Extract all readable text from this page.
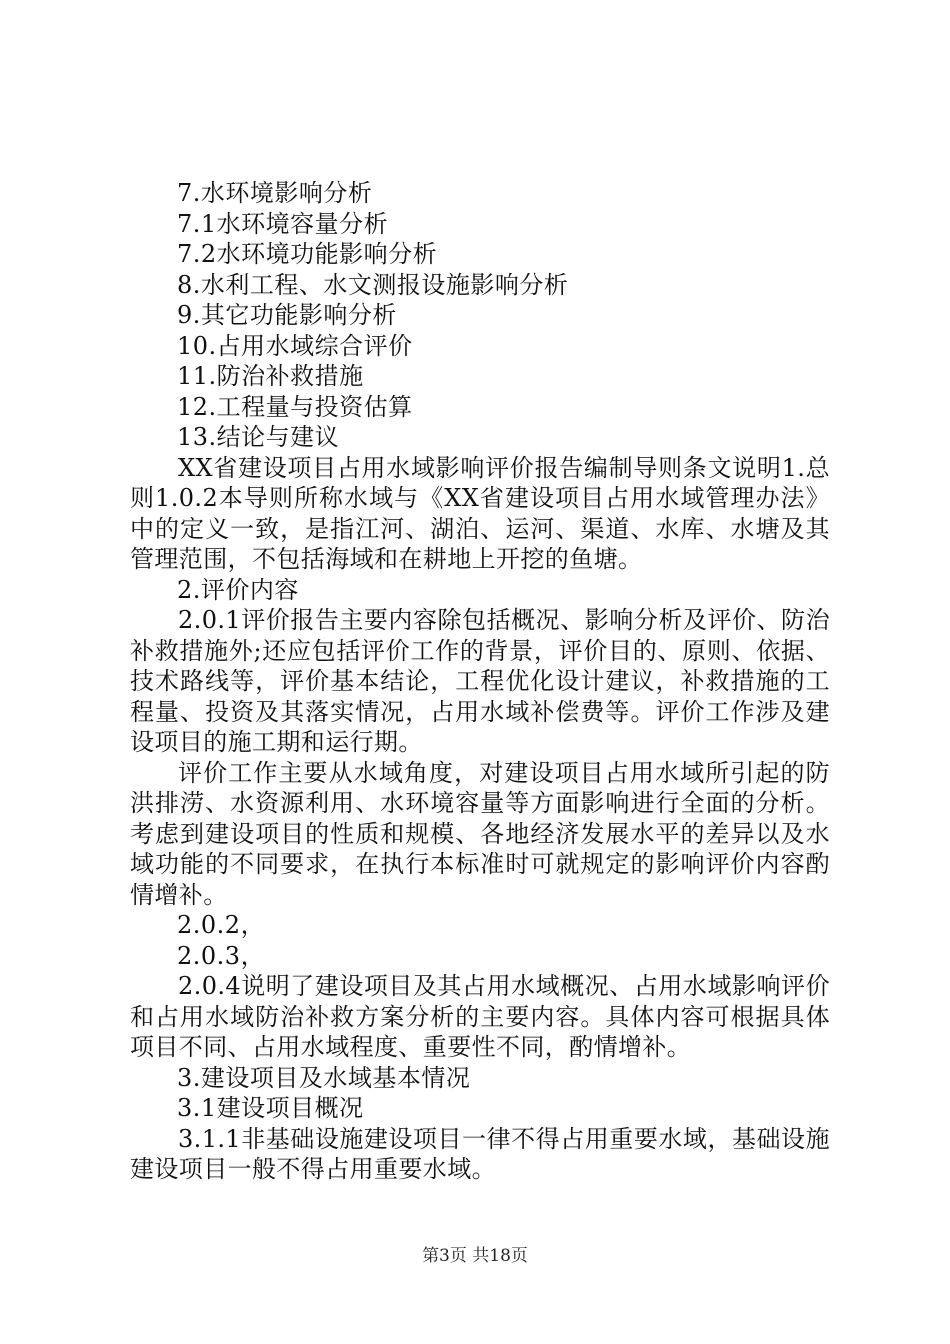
7.水环境影响分析
7.1水环境容量分析
7.2水环境功能影响分析
8.水利工程、水文测报设施影响分析
9.其它功能影响分析
10.占用水域综合评价
11.防治补救措施
12.工程量与投资估算
13.结论与建议

XX省建设项目占用水域影响评价报告编制导则条文说明1.总则1.0.2本导则所称水域与《XX省建设项目占用水域管理办法》中的定义一致，是指江河、湖泊、运河、渠道、水库、水塘及其管理范围，不包括海域和在耕地上开挖的鱼塘。

2.评价内容

2.0.1评价报告主要内容除包括概况、影响分析及评价、防治补救措施外;还应包括评价工作的背景，评价目的、原则、依据、技术路线等，评价基本结论，工程优化设计建议，补救措施的工程量、投资及其落实情况，占用水域补偿费等。评价工作涉及建设项目的施工期和运行期。

评价工作主要从水域角度，对建设项目占用水域所引起的防洪排涝、水资源利用、水环境容量等方面影响进行全面的分析。考虑到建设项目的性质和规模、各地经济发展水平的差异以及水域功能的不同要求，在执行本标准时可就规定的影响评价内容酌情增补。

2.0.2，
2.0.3，

2.0.4说明了建设项目及其占用水域概况、占用水域影响评价和占用水域防治补救方案分析的主要内容。具体内容可根据具体项目不同、占用水域程度、重要性不同，酌情增补。

3.建设项目及水域基本情况
3.1建设项目概况

3.1.1非基础设施建设项目一律不得占用重要水域，基础设施建设项目一般不得占用重要水域。

第3页 共18页
